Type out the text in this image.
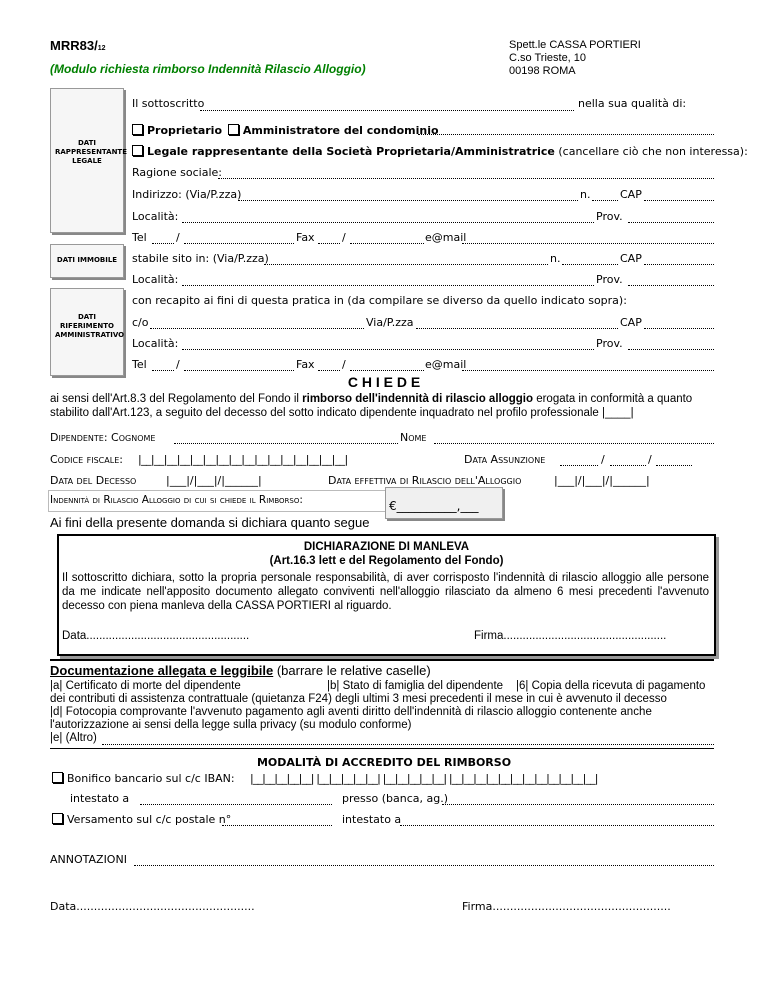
MRR83/12
(Modulo richiesta rimborso Indennità Rilascio Alloggio)
Spett.le CASSA PORTIERI
C.so Trieste, 10
00198 ROMA
DATI RAPPRESENTANTE LEGALE
DATI IMMOBILE
DATI RIFERIMENTO AMMINISTRATIVO
Il sottoscritto	nella sua qualità di:
Proprietario Amministratore del condominio
Legale rappresentante della Società Proprietaria/Amministratrice (cancellare ciò che non interessa):
Ragione sociale:
Indirizzo: (Via/P.zza)	n.	CAP
Località:	Prov.
Tel	/	Fax /	e@mail
stabile sito in: (Via/P.zza)	n.	CAP
Località:	Prov.
con recapito ai fini di questa pratica in (da compilare se diverso da quello indicato sopra):
c/o	Via/P.zza	CAP
Località:	Prov.
Tel	/	Fax /	e@mail
C H I E D E
ai sensi dell'Art.8.3 del Regolamento del Fondo il rimborso dell'indennità di rilascio alloggio erogata in conformità a quanto
stabilito dall'Art.123, a seguito del decesso del sotto indicato dipendente inquadrato nel profilo professionale |____|
Dipendente: Cognome	Nome
Codice fiscale: |__|__|__|__|__|__|__|__|__|__|__|__|__|__|__|__|	Data Assunzione	/	/
Data del Decesso	|___|/|___|/|______|	Data effettiva di Rilascio dell'Alloggio	|___|/|___|/|______|
Indennità di Rilascio Alloggio di cui si chiede il Rimborso:	€__________,___
Ai fini della presente domanda si dichiara quanto segue
DICHIARAZIONE DI MANLEVA
(Art.16.3 lett e del Regolamento del Fondo)
Il sottoscritto dichiara, sotto la propria personale responsabilità, di aver corrisposto l'indennità di rilascio alloggio alle persone da me indicate nell'apposito documento allegato conviventi nell'alloggio rilasciato da almeno 6 mesi precedenti l'avvenuto decesso con piena manleva della CASSA PORTIERI al riguardo.
Data...................................................	Firma...................................................
Documentazione allegata e leggibile (barrare le relative caselle)
|a| Certificato di morte del dipendente	|b| Stato di famiglia del dipendente |6| Copia della ricevuta di pagamento
dei contributi di assistenza contrattuale (quietanza F24) degli ultimi 3 mesi precedenti il mese in cui è avvenuto il decesso
|d| Fotocopia comprovante l'avvenuto pagamento agli aventi diritto dell'indennità di rilascio alloggio contenente anche
l'autorizzazione ai sensi della legge sulla privacy (su modulo conforme)
|e| (Altro)
MODALITÀ DI ACCREDITO DEL RIMBORSO
Bonifico bancario sul c/c IBAN: |__|__|__|__|__| |__|__|__|__|__| |__|__|__|__|__| |__|__|__|__|__|__|__|__|__|__|__|__|
intestato a	presso (banca, ag.)
Versamento sul c/c postale n°	intestato a
ANNOTAZIONI
Data...................................................	Firma...................................................
